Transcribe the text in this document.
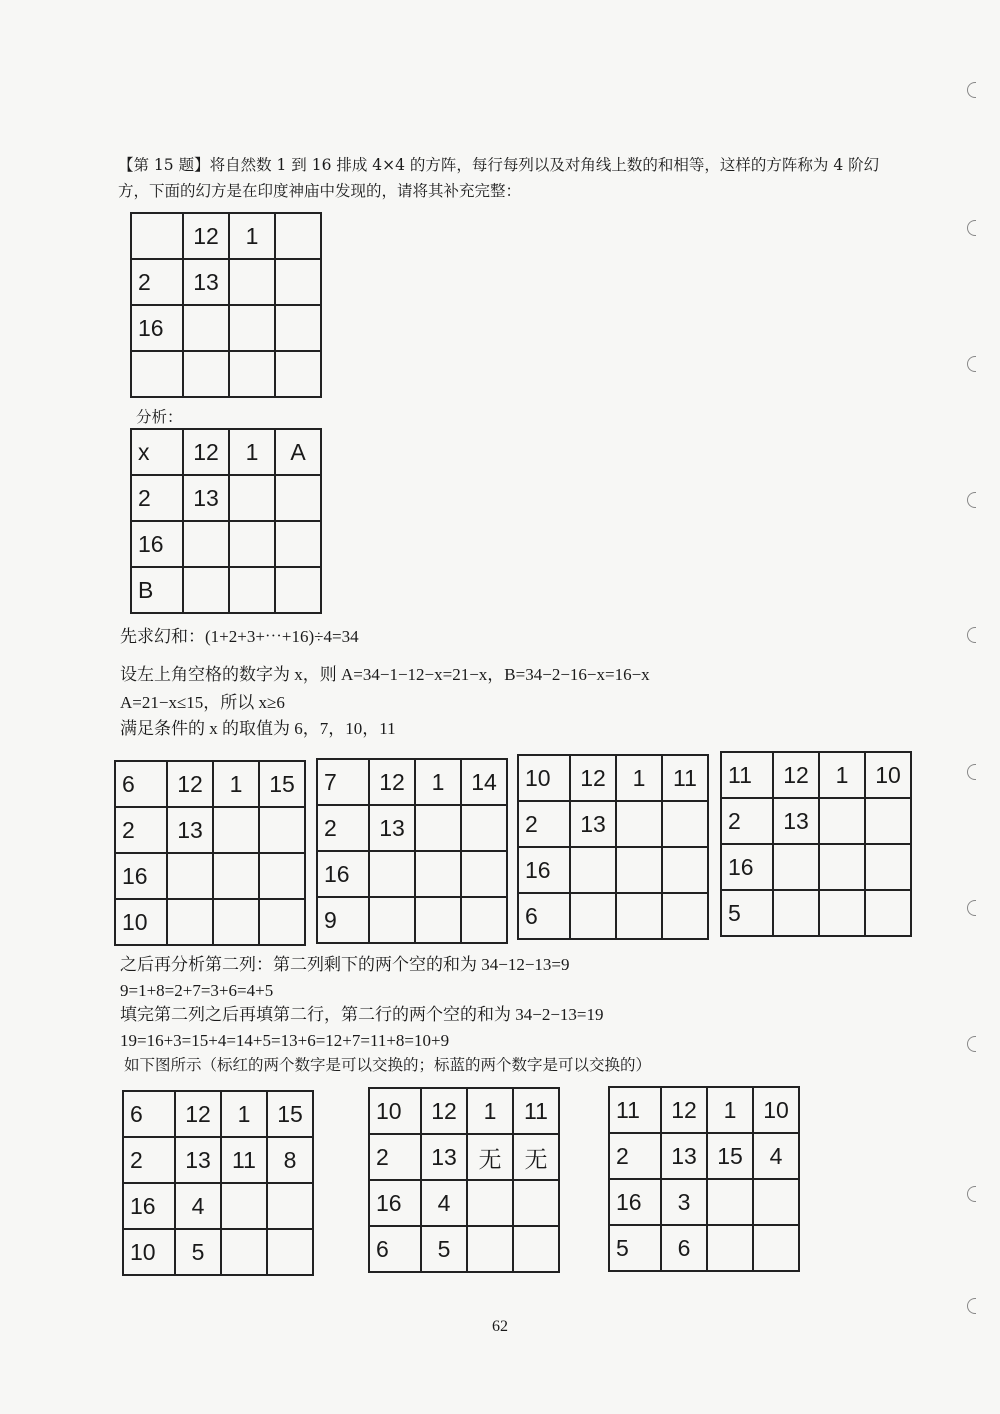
【第 15 题】将自然数 1 到 16 排成 4×4 的方阵，每行每列以及对角线上数的和相等，这样的方阵称为 4 阶幻
方，下面的幻方是在印度神庙中发现的，请将其补充完整：
	12	1	
2	13		
16			

分析：
x	12	1	A
2	13		
16			
B			
先求幻和：(1+2+3+⋯+16)÷4=34
设左上角空格的数字为 x，则 A=34−1−12−x=21−x，B=34−2−16−x=16−x
A=21−x≤15，所以 x≥6
满足条件的 x 的取值为 6，7，10，11
6	12	1	15
2	13		
16			
10			
7	12	1	14
2	13		
16			
9			
10	12	1	11
2	13		
16			
6			
11	12	1	10
2	13		
16			
5			
之后再分析第二列：第二列剩下的两个空的和为 34−12−13=9
9=1+8=2+7=3+6=4+5
填完第二列之后再填第二行，第二行的两个空的和为 34−2−13=19
19=16+3=15+4=14+5=13+6=12+7=11+8=10+9
如下图所示（标红的两个数字是可以交换的；标蓝的两个数字是可以交换的）
6	12	1	15
2	13	11	8
16	4		
10	5		
10	12	1	11
2	13	无	无
16	4		
6	5		
11	12	1	10
2	13	15	4
16	3		
5	6		
62
